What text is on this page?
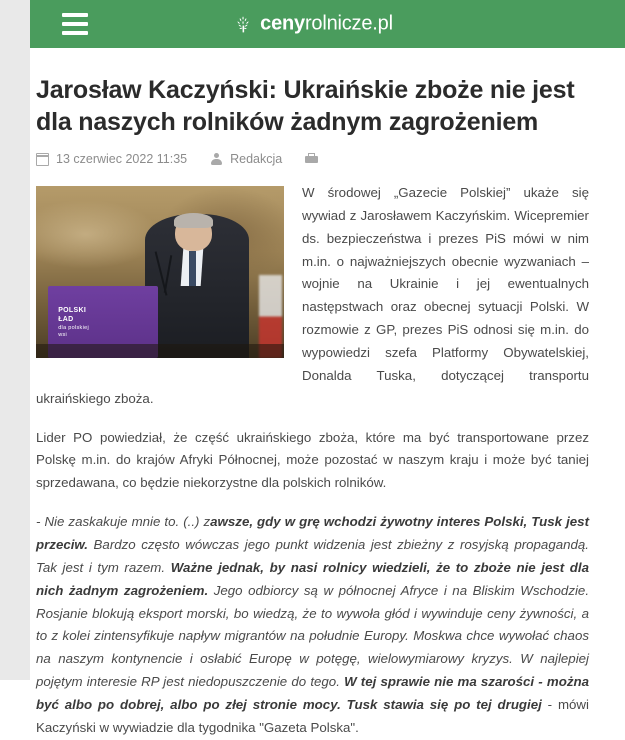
cenyrolnicze.pl
Jarosław Kaczyński: Ukraińskie zboże nie jest dla naszych rolników żadnym zagrożeniem
13 czerwiec 2022 11:35	Redakcja
POLSKI ŁAD
dla polskiej wsi

W środowej „Gazecie Polskiej” ukaże się wywiad z Jarosławem Kaczyńskim. Wicepremier ds. bezpieczeństwa i prezes PiS mówi w nim m.in. o najważniejszych obecnie wyzwaniach – wojnie na Ukrainie i jej ewentualnych następstwach oraz obecnej sytuacji Polski. W rozmowie z GP, prezes PiS odnosi się m.in. do wypowiedzi szefa Platformy Obywatelskiej, Donalda Tuska, dotyczącej transportu ukraińskiego zboża.

Lider PO powiedział, że część ukraińskiego zboża, które ma być transportowane przez Polskę m.in. do krajów Afryki Północnej, może pozostać w naszym kraju i może być taniej sprzedawana, co będzie niekorzystne dla polskich rolników.

- Nie zaskakuje mnie to. (..) zawsze, gdy w grę wchodzi żywotny interes Polski, Tusk jest przeciw. Bardzo często wówczas jego punkt widzenia jest zbieżny z rosyjską propagandą. Tak jest i tym razem. Ważne jednak, by nasi rolnicy wiedzieli, że to zboże nie jest dla nich żadnym zagrożeniem. Jego odbiorcy są w północnej Afryce i na Bliskim Wschodzie. Rosjanie blokują eksport morski, bo wiedzą, że to wywoła głód i wywinduje ceny żywności, a to z kolei zintensyfikuje napływ migrantów na południe Europy. Moskwa chce wywołać chaos na naszym kontynencie i osłabić Europę w potęgę, wielowymiarowy kryzys. W najlepiej pojętym interesie RP jest niedopuszczenie do tego. W tej sprawie nie ma szarości - można być albo po dobrej, albo po złej stronie mocy. Tusk stawia się po tej drugiej - mówi Kaczyński w wywiadzie dla tygodnika "Gazeta Polska".
